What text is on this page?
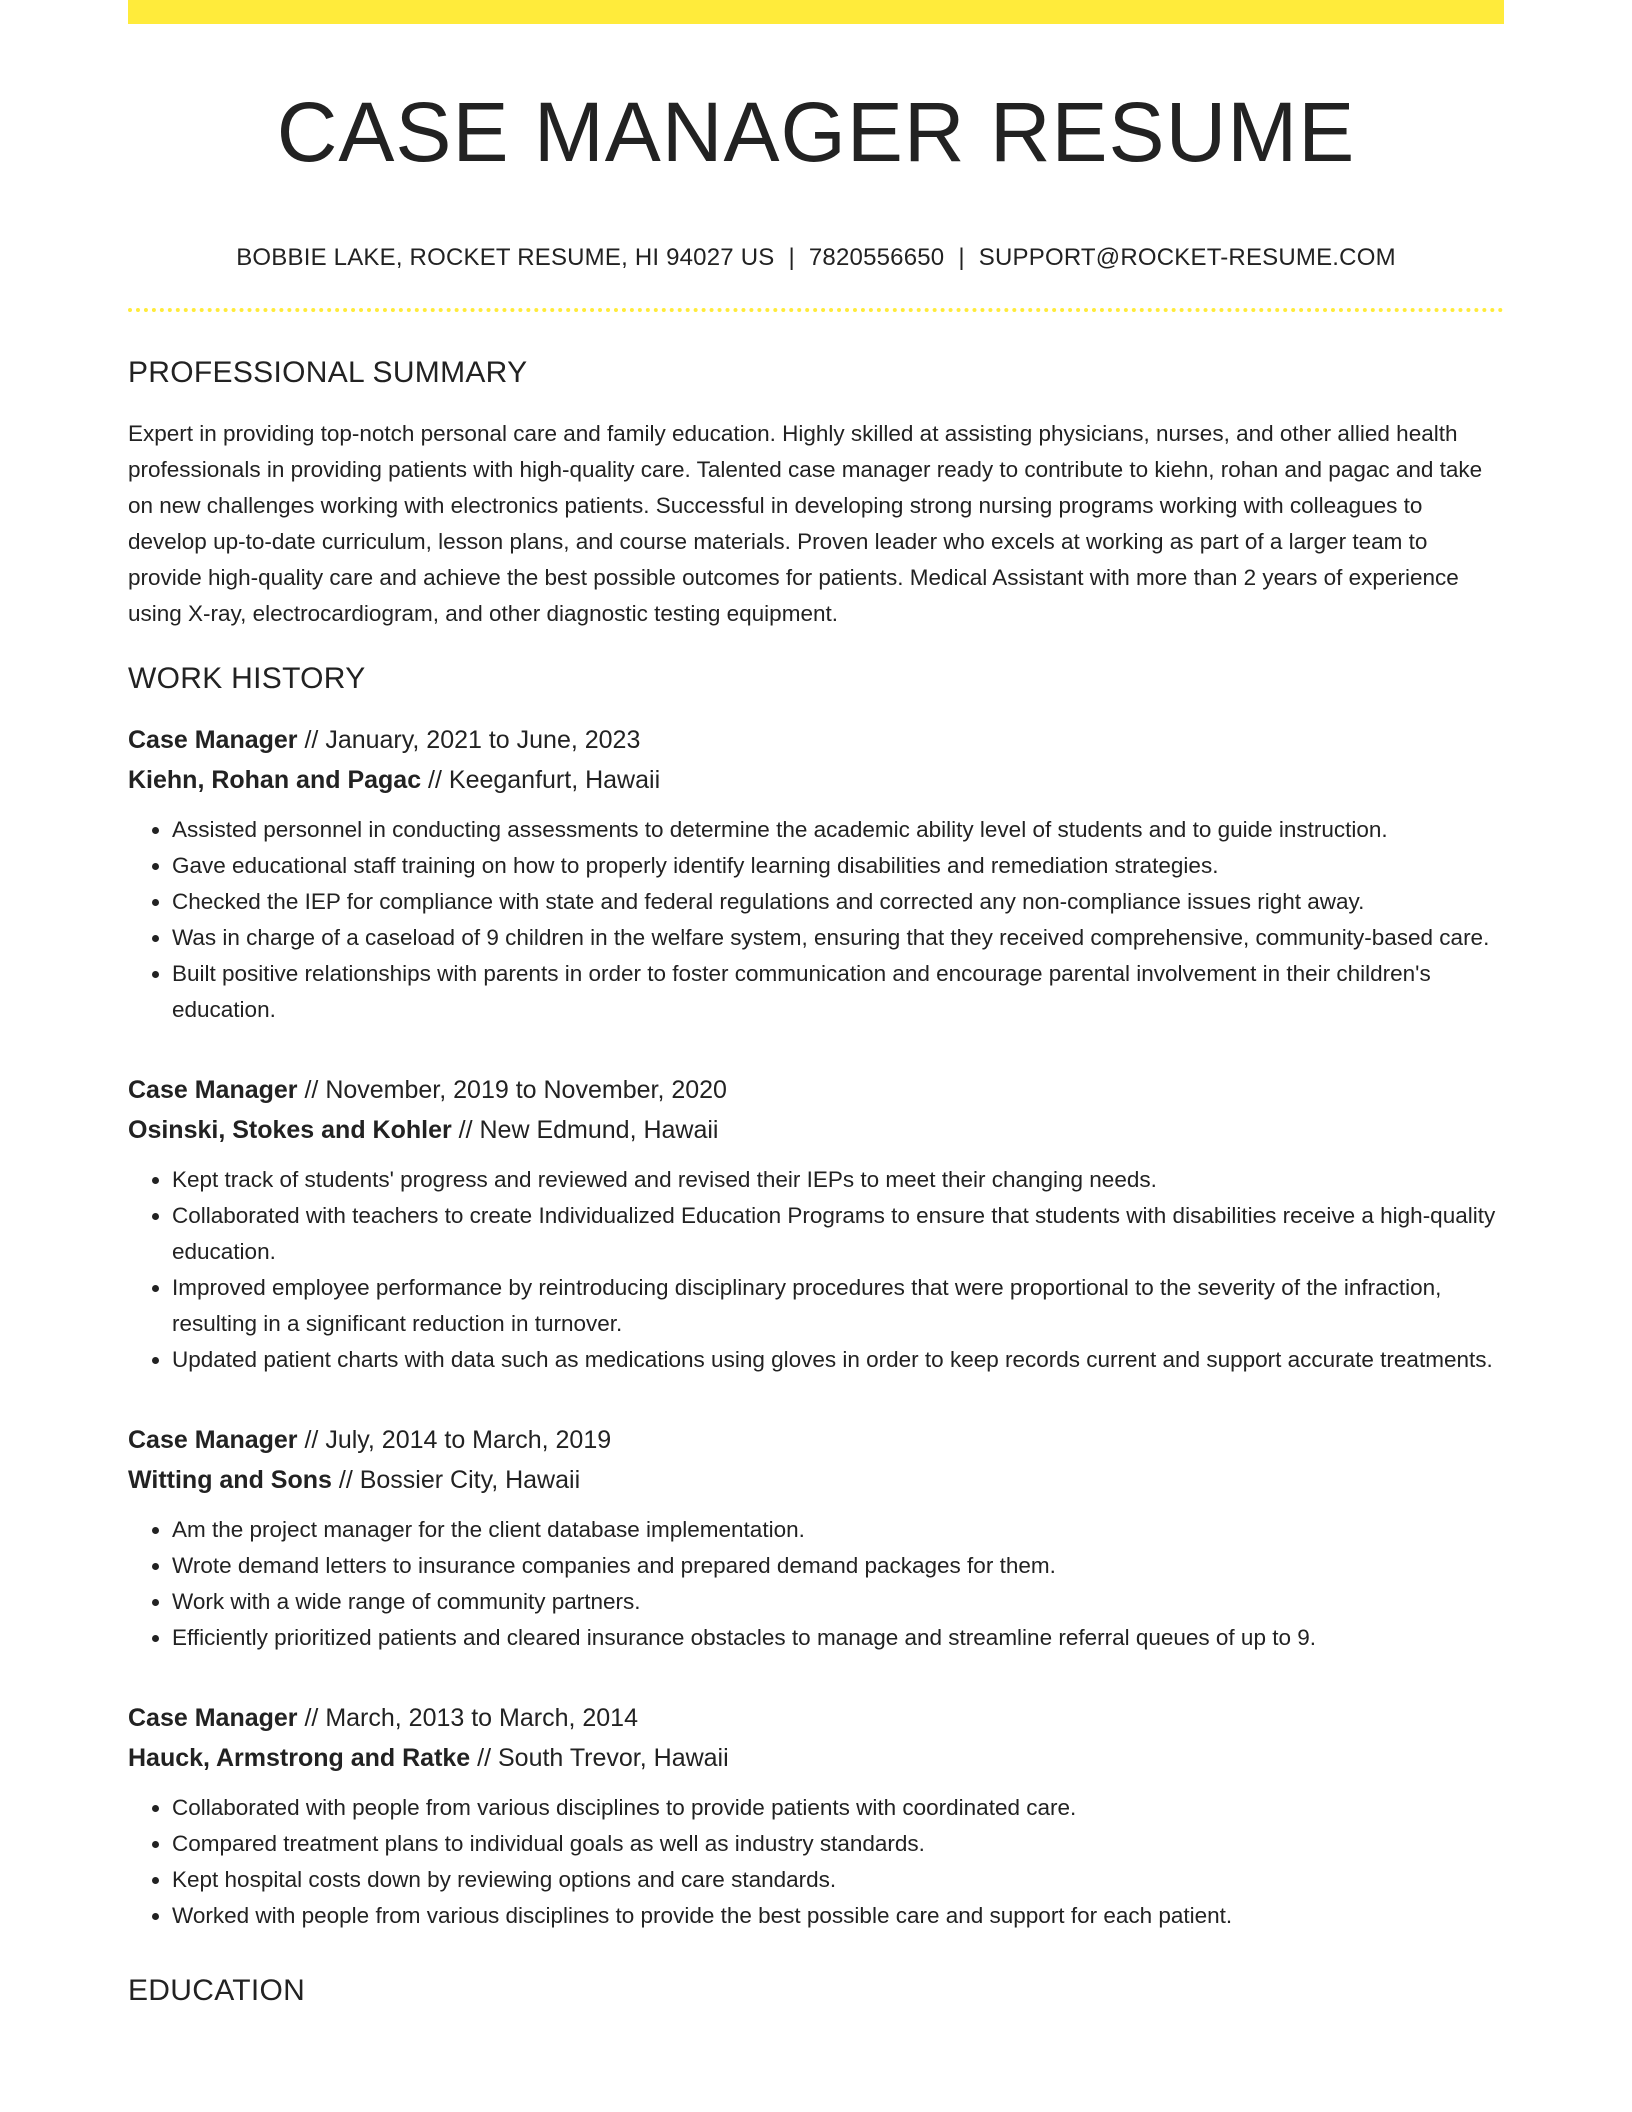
CASE MANAGER RESUME
BOBBIE LAKE, ROCKET RESUME, HI 94027 US | 7820556650 | SUPPORT@ROCKET-RESUME.COM
PROFESSIONAL SUMMARY

Expert in providing top-notch personal care and family education. Highly skilled at assisting physicians, nurses, and other allied health professionals in providing patients with high-quality care. Talented case manager ready to contribute to kiehn, rohan and pagac and take on new challenges working with electronics patients. Successful in developing strong nursing programs working with colleagues to develop up-to-date curriculum, lesson plans, and course materials. Proven leader who excels at working as part of a larger team to provide high-quality care and achieve the best possible outcomes for patients. Medical Assistant with more than 2 years of experience using X-ray, electrocardiogram, and other diagnostic testing equipment.

WORK HISTORY
Case Manager // January, 2021 to June, 2023
Kiehn, Rohan and Pagac // Keeganfurt, Hawaii
• Assisted personnel in conducting assessments to determine the academic ability level of students and to guide instruction.
• Gave educational staff training on how to properly identify learning disabilities and remediation strategies.
• Checked the IEP for compliance with state and federal regulations and corrected any non-compliance issues right away.
• Was in charge of a caseload of 9 children in the welfare system, ensuring that they received comprehensive, community-based care.
• Built positive relationships with parents in order to foster communication and encourage parental involvement in their children's education.
Case Manager // November, 2019 to November, 2020
Osinski, Stokes and Kohler // New Edmund, Hawaii
• Kept track of students' progress and reviewed and revised their IEPs to meet their changing needs.
• Collaborated with teachers to create Individualized Education Programs to ensure that students with disabilities receive a high-quality education.
• Improved employee performance by reintroducing disciplinary procedures that were proportional to the severity of the infraction, resulting in a significant reduction in turnover.
• Updated patient charts with data such as medications using gloves in order to keep records current and support accurate treatments.
Case Manager // July, 2014 to March, 2019
Witting and Sons // Bossier City, Hawaii
• Am the project manager for the client database implementation.
• Wrote demand letters to insurance companies and prepared demand packages for them.
• Work with a wide range of community partners.
• Efficiently prioritized patients and cleared insurance obstacles to manage and streamline referral queues of up to 9.
Case Manager // March, 2013 to March, 2014
Hauck, Armstrong and Ratke // South Trevor, Hawaii
• Collaborated with people from various disciplines to provide patients with coordinated care.
• Compared treatment plans to individual goals as well as industry standards.
• Kept hospital costs down by reviewing options and care standards.
• Worked with people from various disciplines to provide the best possible care and support for each patient.
EDUCATION
